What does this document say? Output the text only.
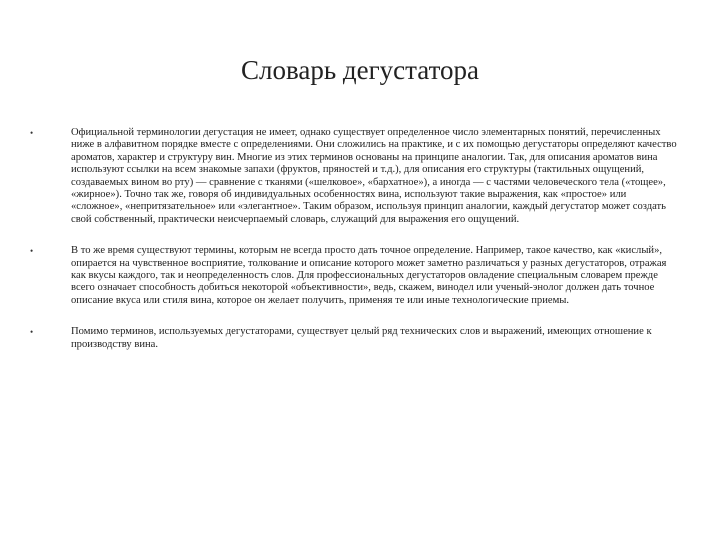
Словарь дегустатора
•	Официальной терминологии дегустация не имеет, однако существует определенное число элементарных понятий, перечисленных ниже в алфавитном порядке вместе с определениями. Они сложились на практике, и с их помощью дегустаторы определяют качество ароматов, характер и структуру вин. Многие из этих терминов основаны на принципе аналогии. Так, для описания ароматов вина используют ссылки на всем знакомые запахи (фруктов, пряностей и т.д.), для описания его структуры (тактильных ощущений, создаваемых вином во рту) — сравнение с тканями («шелковое», «бархатное»), а иногда — с частями человеческого тела («тощее», «жирное»). Точно так же, говоря об индивидуальных особенностях вина, используют такие выражения, как «простое» или «сложное», «непритязательное» или «элегантное». Таким образом, используя принцип аналогии, каждый дегустатор может создать свой собственный, практически неисчерпаемый словарь, служащий для выражения его ощущений.
•	В то же время существуют термины, которым не всегда просто дать точное определение. Например, такое качество, как «кислый», опирается на чувственное восприятие, толкование и описание которого может заметно различаться у разных дегустаторов, отражая как вкусы каждого, так и неопределенность слов. Для профессиональных дегустаторов овладение специальным словарем прежде всего означает способность добиться некоторой «объективности», ведь, скажем, винодел или ученый-энолог должен дать точное описание вкуса или стиля вина, которое он желает получить, применяя те или иные технологические приемы.
•	Помимо терминов, используемых дегустаторами, существует целый ряд технических слов и выражений, имеющих отношение к производству вина.
